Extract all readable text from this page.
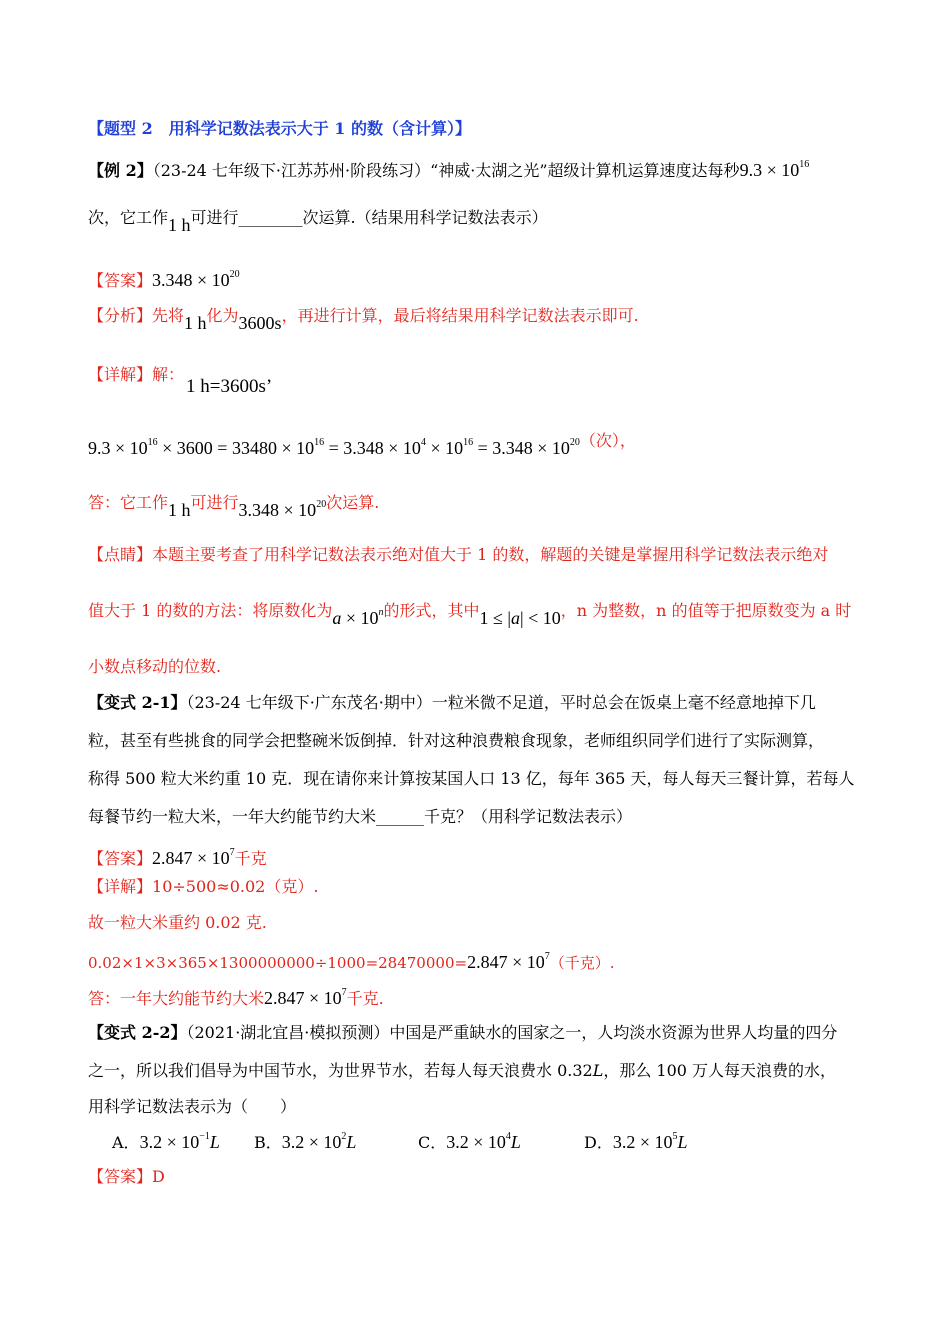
【题型 2　用科学记数法表示大于 1 的数（含计算）】
【例 2】（23-24 七年级下·江苏苏州·阶段练习）“神威·太湖之光”超级计算机运算速度达每秒$9.3 \times 10^{16}$
次，它工作1 h可进行________次运算.（结果用科学记数法表示）
【答案】$3.348 \times 10^{20}$
【分析】先将1 h化为3600s，再进行计算，最后将结果用科学记数法表示即可.
【详解】解：
1 h=3600s’
$9.3 \times 10^{16} \times 3600 = 33480 \times 10^{16} = 3.348 \times 10^4 \times 10^{16} = 3.348 \times 10^{20}$（次），
答：它工作1 h可进行$3.348 \times 10^{20}$次运算.
【点睛】本题主要考查了用科学记数法表示绝对值大于 1 的数，解题的关键是掌握用科学记数法表示绝对
值大于 1 的数的方法：将原数化为$a \times 10^n$的形式，其中1 ≤ |a| < 10，n 为整数，n 的值等于把原数变为 a 时
小数点移动的位数.
【变式 2-1】（23-24 七年级下·广东茂名·期中）一粒米微不足道，平时总会在饭桌上毫不经意地掉下几
粒，甚至有些挑食的同学会把整碗米饭倒掉．针对这种浪费粮食现象，老师组织同学们进行了实际测算，
称得 500 粒大米约重 10 克．现在请你来计算按某国人口 13 亿，每年 365 天，每人每天三餐计算，若每人
每餐节约一粒大米，一年大约能节约大米______千克？（用科学记数法表示）
【答案】$2.847 \times 10^7$千克
【详解】10÷500≈0.02（克）.
故一粒大米重约 0.02 克.
$0.02\times 1\times 3\times 365\times 1300000000\div 1000=28470000=2.847 \times 10^7$（千克）.
答：一年大约能节约大米$2.847 \times 10^7$千克.
【变式 2-2】（2021·湖北宜昌·模拟预测）中国是严重缺水的国家之一，人均淡水资源为世界人均量的四分
之一，所以我们倡导为中国节水，为世界节水，若每人每天浪费水 0.32L，那么 100 万人每天浪费的水，
用科学记数法表示为（　　）
A．$3.2 \times 10^{-1}L$ B．$3.2 \times 10^2L$	C．$3.2 \times 10^4L$	D．$3.2 \times 10^5L$
【答案】D
